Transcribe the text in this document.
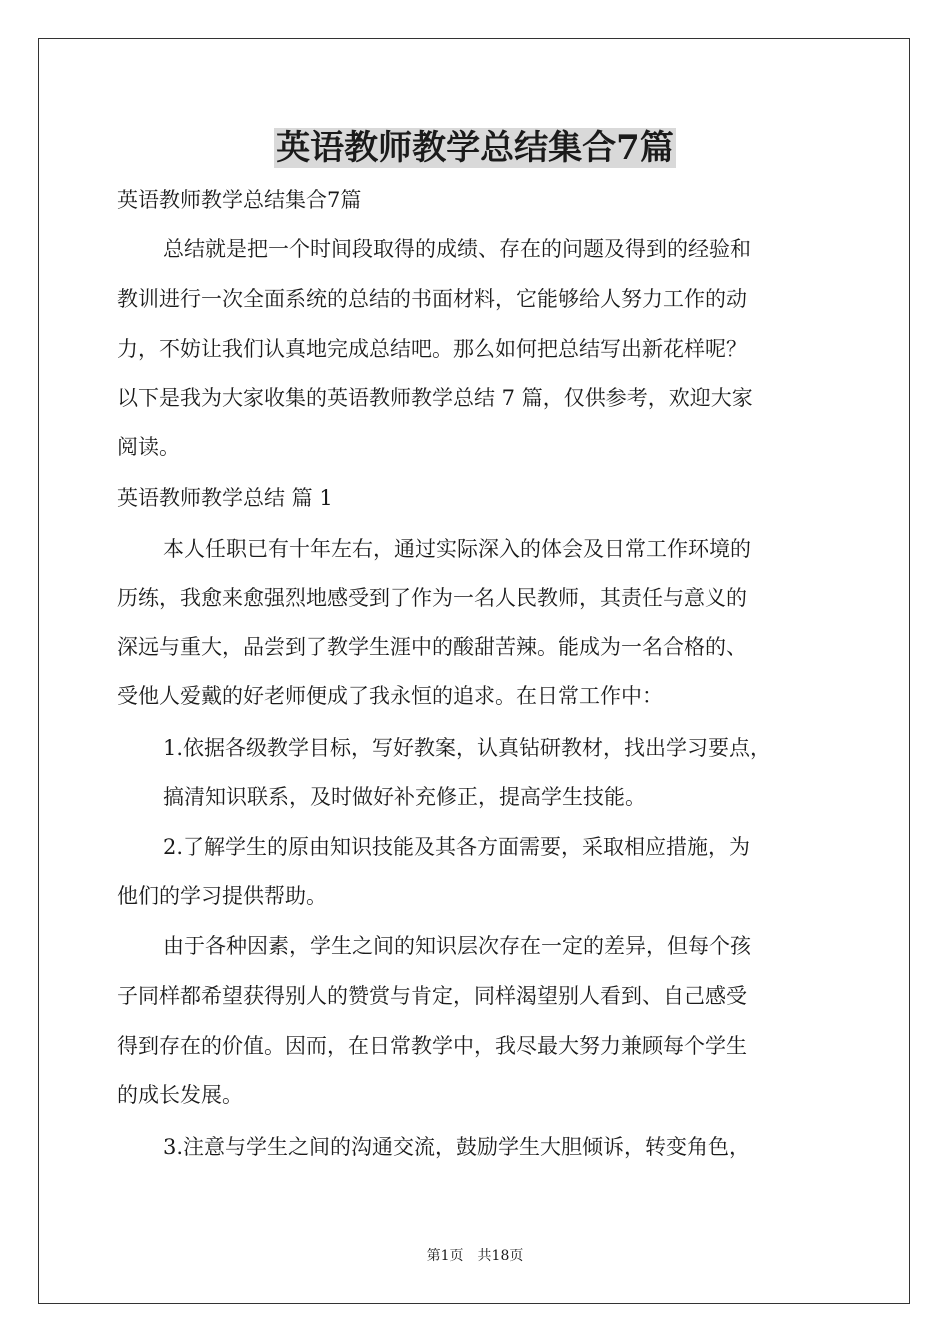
英语教师教学总结集合7篇

英语教师教学总结集合7篇

总结就是把一个时间段取得的成绩、存在的问题及得到的经验和

教训进行一次全面系统的总结的书面材料，它能够给人努力工作的动

力，不妨让我们认真地完成总结吧。那么如何把总结写出新花样呢？

以下是我为大家收集的英语教师教学总结 7 篇，仅供参考，欢迎大家

阅读。

英语教师教学总结 篇 1

本人任职已有十年左右，通过实际深入的体会及日常工作环境的

历练，我愈来愈强烈地感受到了作为一名人民教师，其责任与意义的

深远与重大，品尝到了教学生涯中的酸甜苦辣。能成为一名合格的、

受他人爱戴的好老师便成了我永恒的追求。在日常工作中：

1.依据各级教学目标，写好教案，认真钻研教材，找出学习要点，

搞清知识联系，及时做好补充修正，提高学生技能。

2.了解学生的原由知识技能及其各方面需要，采取相应措施，为

他们的学习提供帮助。

由于各种因素，学生之间的知识层次存在一定的差异，但每个孩

子同样都希望获得别人的赞赏与肯定，同样渴望别人看到、自己感受

得到存在的价值。因而，在日常教学中，我尽最大努力兼顾每个学生

的成长发展。

3.注意与学生之间的沟通交流，鼓励学生大胆倾诉，转变角色，

第1页　共18页
